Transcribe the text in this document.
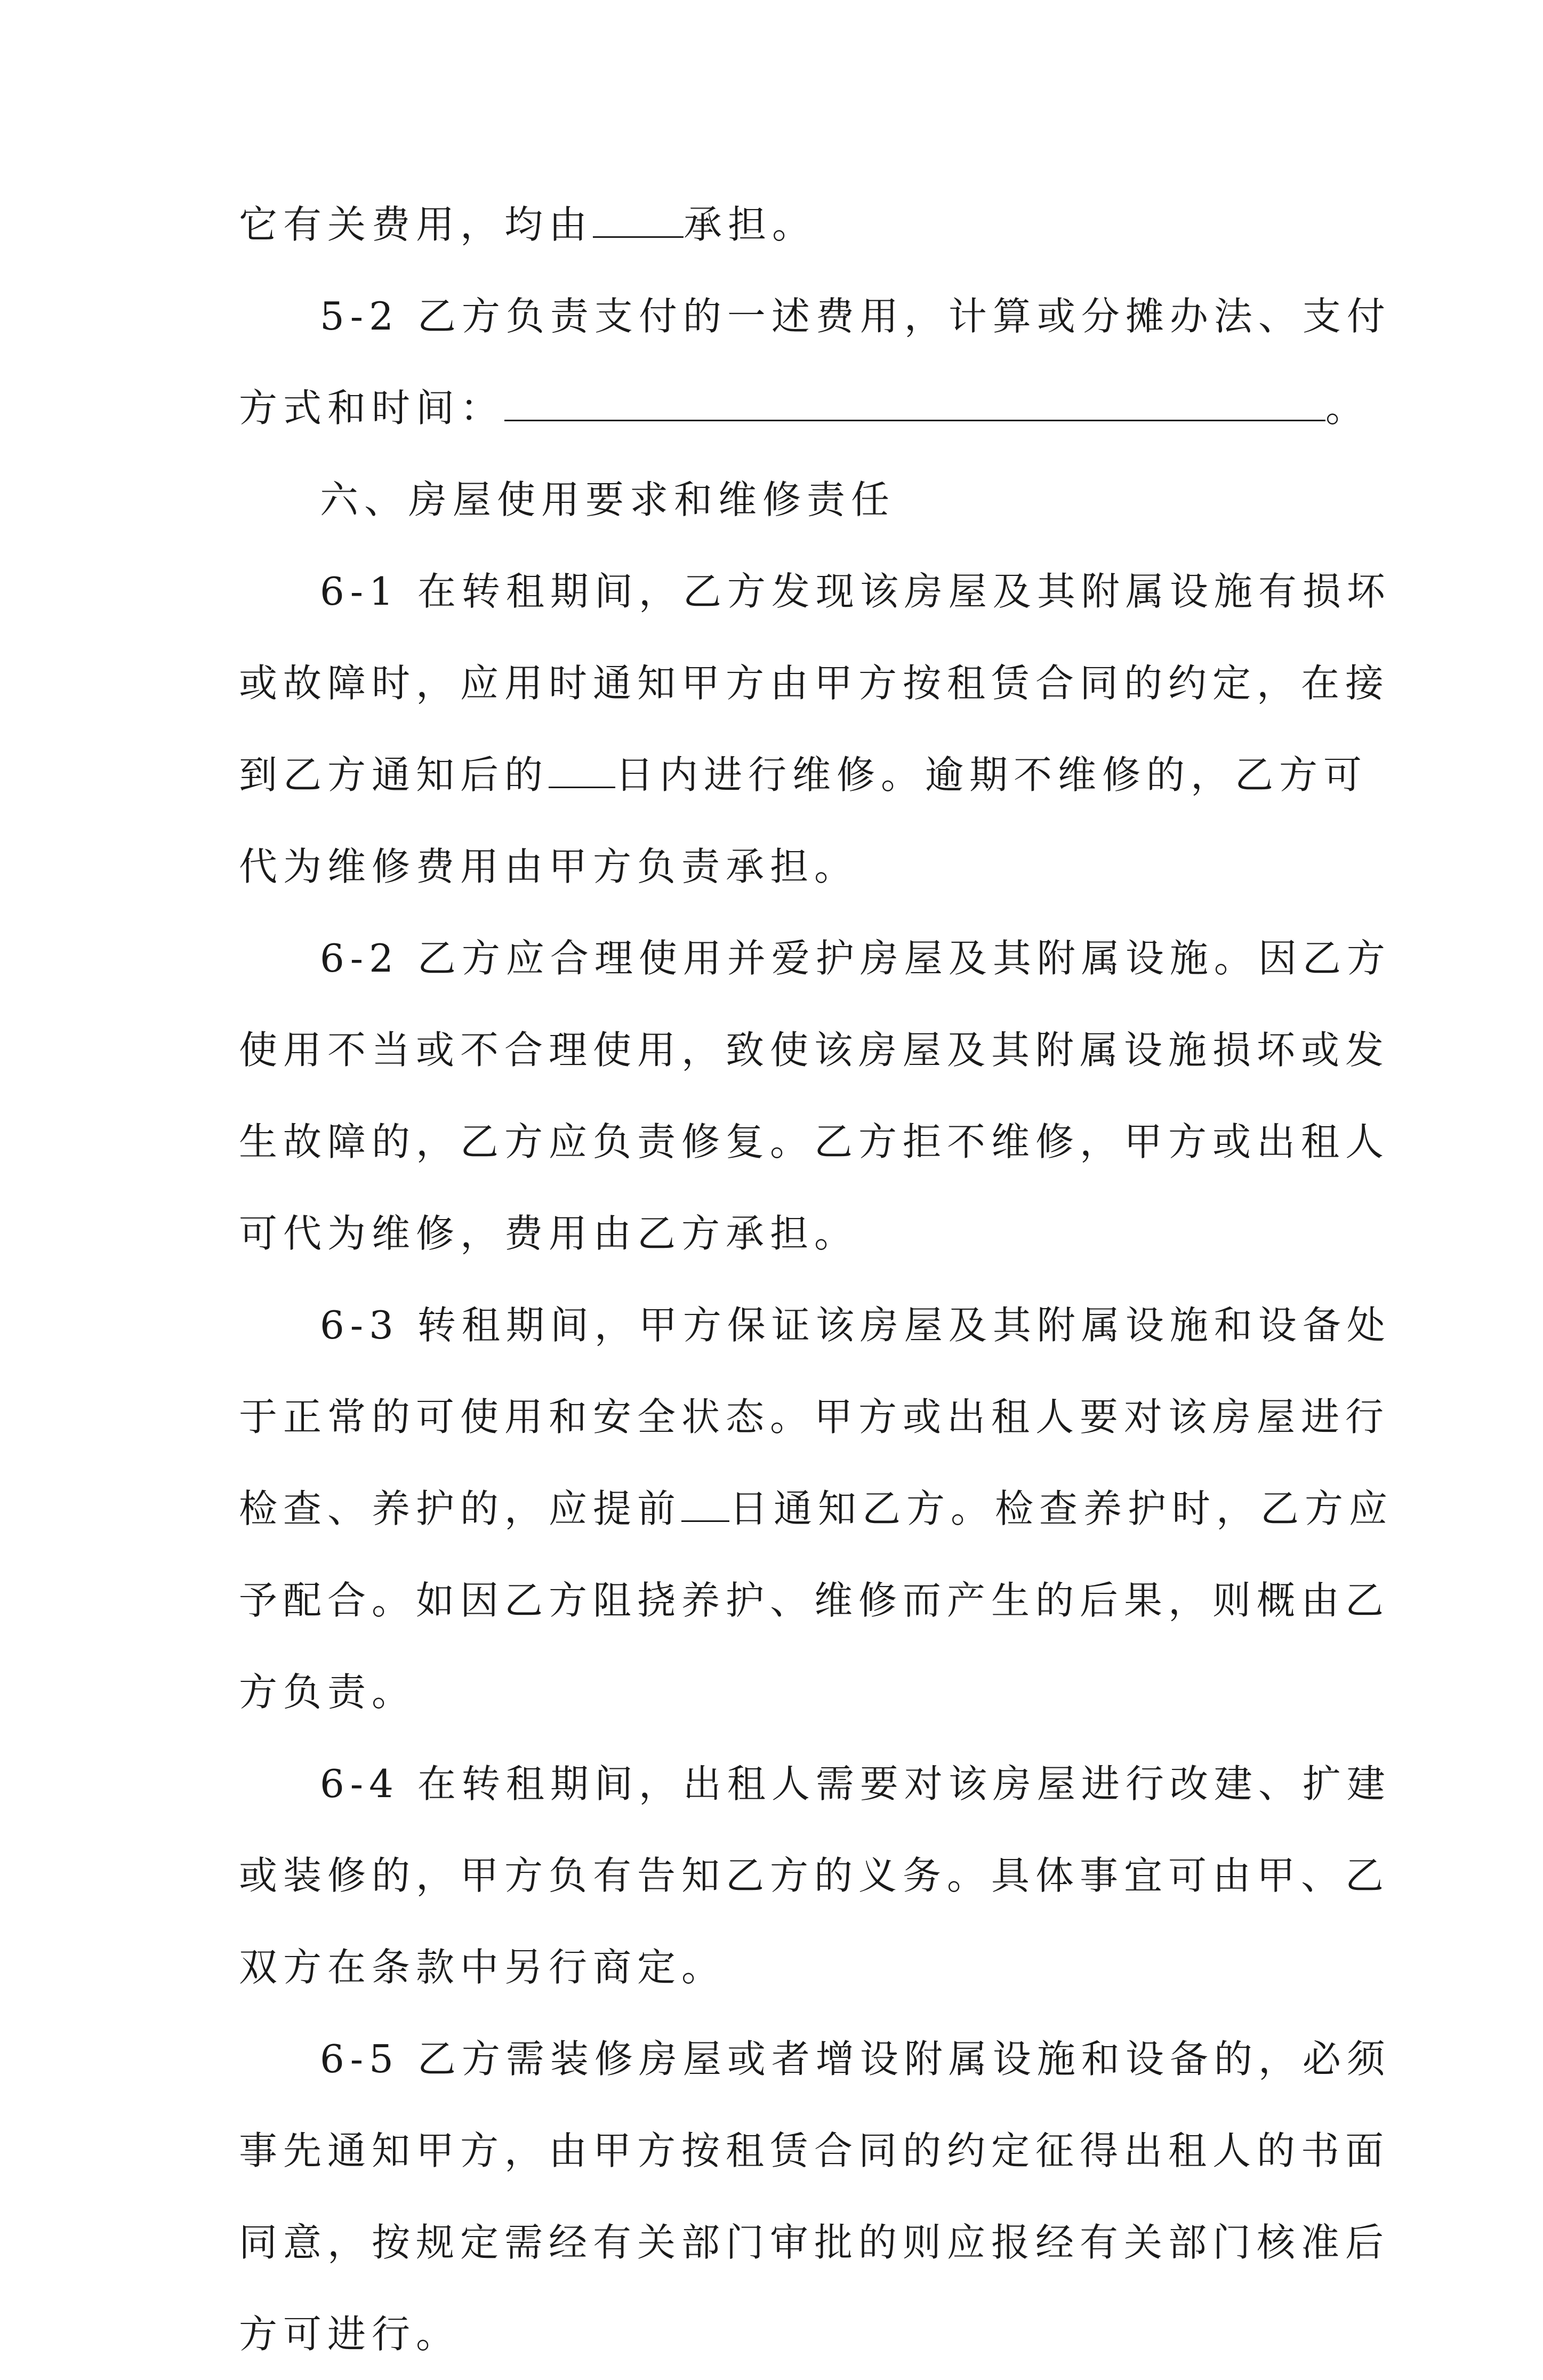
它有关费用，均由 承担。
5-2 乙方负责支付的一述费用，计算或分摊办法、支付
方式和时间：	。
六、房屋使用要求和维修责任
6-1 在转租期间，乙方发现该房屋及其附属设施有损坏
或故障时，应用时通知甲方由甲方按租赁合同的约定，在接
到乙方通知后的 日内进行维修。逾期不维修的，乙方可
代为维修费用由甲方负责承担。
6-2 乙方应合理使用并爱护房屋及其附属设施。因乙方
使用不当或不合理使用，致使该房屋及其附属设施损坏或发
生故障的，乙方应负责修复。乙方拒不维修，甲方或出租人
可代为维修，费用由乙方承担。
6-3 转租期间，甲方保证该房屋及其附属设施和设备处
于正常的可使用和安全状态。甲方或出租人要对该房屋进行
检查、养护的，应提前 日通知乙方。检查养护时，乙方应
予配合。如因乙方阻挠养护、维修而产生的后果，则概由乙
方负责。
6-4 在转租期间，出租人需要对该房屋进行改建、扩建
或装修的，甲方负有告知乙方的义务。具体事宜可由甲、乙
双方在条款中另行商定。
6-5 乙方需装修房屋或者增设附属设施和设备的，必须
事先通知甲方，由甲方按租赁合同的约定征得出租人的书面
同意，按规定需经有关部门审批的则应报经有关部门核准后
方可进行。
